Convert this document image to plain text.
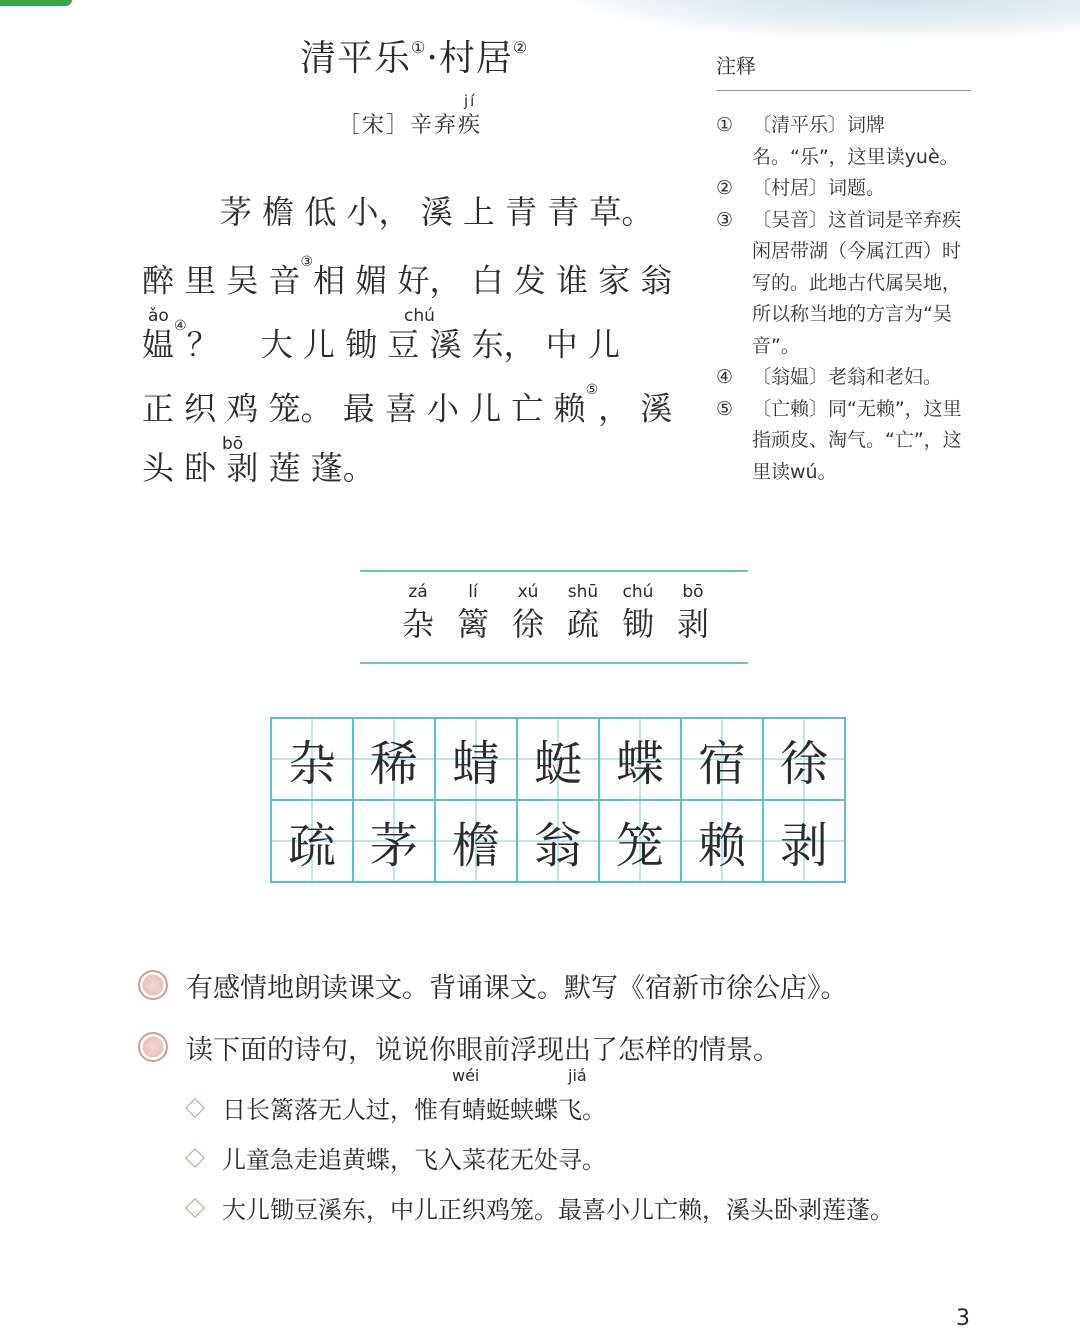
清平乐①·村居②
jí
［宋］辛弃疾
茅 檐 低 小， 溪 上 青 青 草。
醉 里 吴 音③相 媚 好， 白 发 谁 家 翁
ǎo	chú
媪④？　 大 儿 锄 豆 溪 东， 中 儿
正 织 鸡 笼。 最 喜 小 儿 亡 赖⑤， 溪
bō
头 卧 剥 莲 蓬。
注释
① 〔清平乐〕词牌名。“乐”，这里读yuè。
② 〔村居〕词题。
③ 〔吴音〕这首词是辛弃疾闲居带湖（今属江西）时写的。此地古代属吴地，所以称当地的方言为“吴音”。
④ 〔翁媪〕老翁和老妇。
⑤ 〔亡赖〕同“无赖”，这里指顽皮、淘气。“亡”，这里读wú。
zá
杂
lí
篱
xú
徐
shū
疏
chú
锄
bō
剥
杂	稀	蜻	蜓	蝶	宿	徐
疏	茅	檐	翁	笼	赖	剥
有感情地朗读课文。背诵课文。默写《宿新市徐公店》。
读下面的诗句，说说你眼前浮现出了怎样的情景。
wéi	jiá
日长篱落无人过，惟有蜻蜓蛱蝶飞。
儿童急走追黄蝶，飞入菜花无处寻。
大儿锄豆溪东，中儿正织鸡笼。最喜小儿亡赖，溪头卧剥莲蓬。
3
